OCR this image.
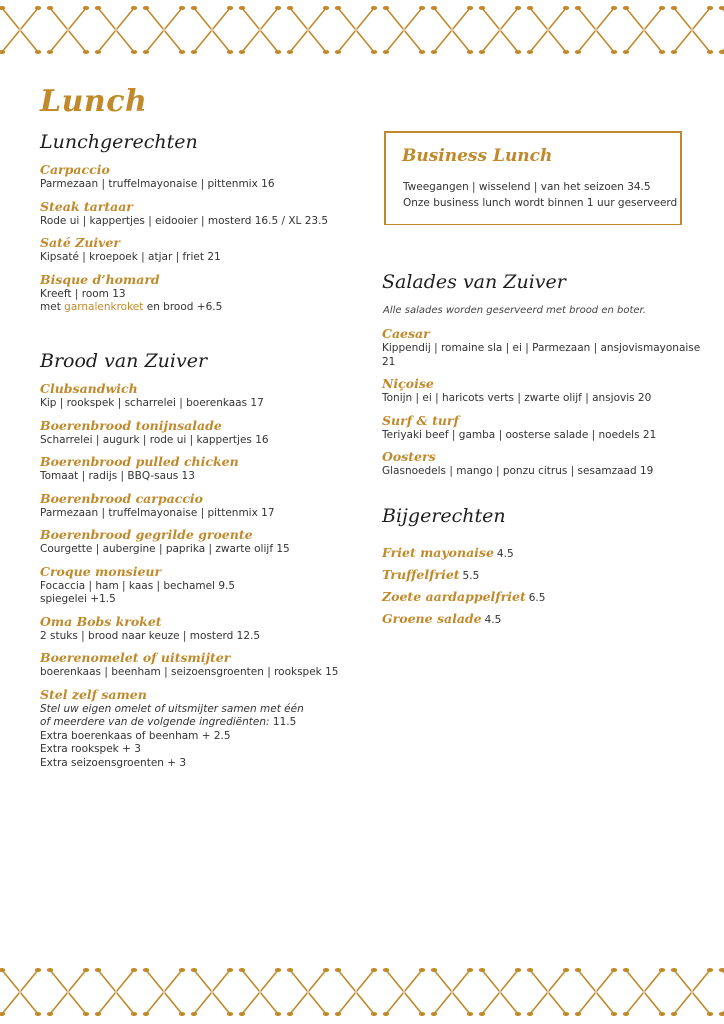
Lunch
Lunchgerechten
Carpaccio
Parmezaan | truffelmayonaise | pittenmix 16
Steak tartaar
Rode ui | kappertjes | eidooier | mosterd 16.5 / XL 23.5
Saté Zuiver
Kipsaté | kroepoek | atjar | friet 21
Bisque d’homard
Kreeft | room 13
met garnalenkroket en brood +6.5
Brood van Zuiver
Clubsandwich
Kip | rookspek | scharrelei | boerenkaas 17
Boerenbrood tonijnsalade
Scharrelei | augurk | rode ui | kappertjes 16
Boerenbrood pulled chicken
Tomaat | radijs | BBQ-saus 13
Boerenbrood carpaccio
Parmezaan | truffelmayonaise | pittenmix 17
Boerenbrood gegrilde groente
Courgette | aubergine | paprika | zwarte olijf 15
Croque monsieur
Focaccia | ham | kaas | bechamel 9.5
spiegelei +1.5
Oma Bobs kroket
2 stuks | brood naar keuze | mosterd 12.5
Boerenomelet of uitsmijter
boerenkaas | beenham | seizoensgroenten | rookspek 15
Stel zelf samen
Stel uw eigen omelet of uitsmijter samen met één
of meerdere van de volgende ingrediënten: 11.5
Extra boerenkaas of beenham + 2.5
Extra rookspek + 3
Extra seizoensgroenten + 3
Business Lunch
Tweegangen | wisselend | van het seizoen 34.5
Onze business lunch wordt binnen 1 uur geserveerd
Salades van Zuiver
Alle salades worden geserveerd met brood en boter.
Caesar
Kippendij | romaine sla | ei | Parmezaan | ansjovismayonaise 21
Niçoise
Tonijn | ei | haricots verts | zwarte olijf | ansjovis 20
Surf & turf
Teriyaki beef | gamba | oosterse salade | noedels 21
Oosters
Glasnoedels | mango | ponzu citrus | sesamzaad 19
Bijgerechten
Friet mayonaise 4.5
Truffelfriet 5.5
Zoete aardappelfriet 6.5
Groene salade 4.5
